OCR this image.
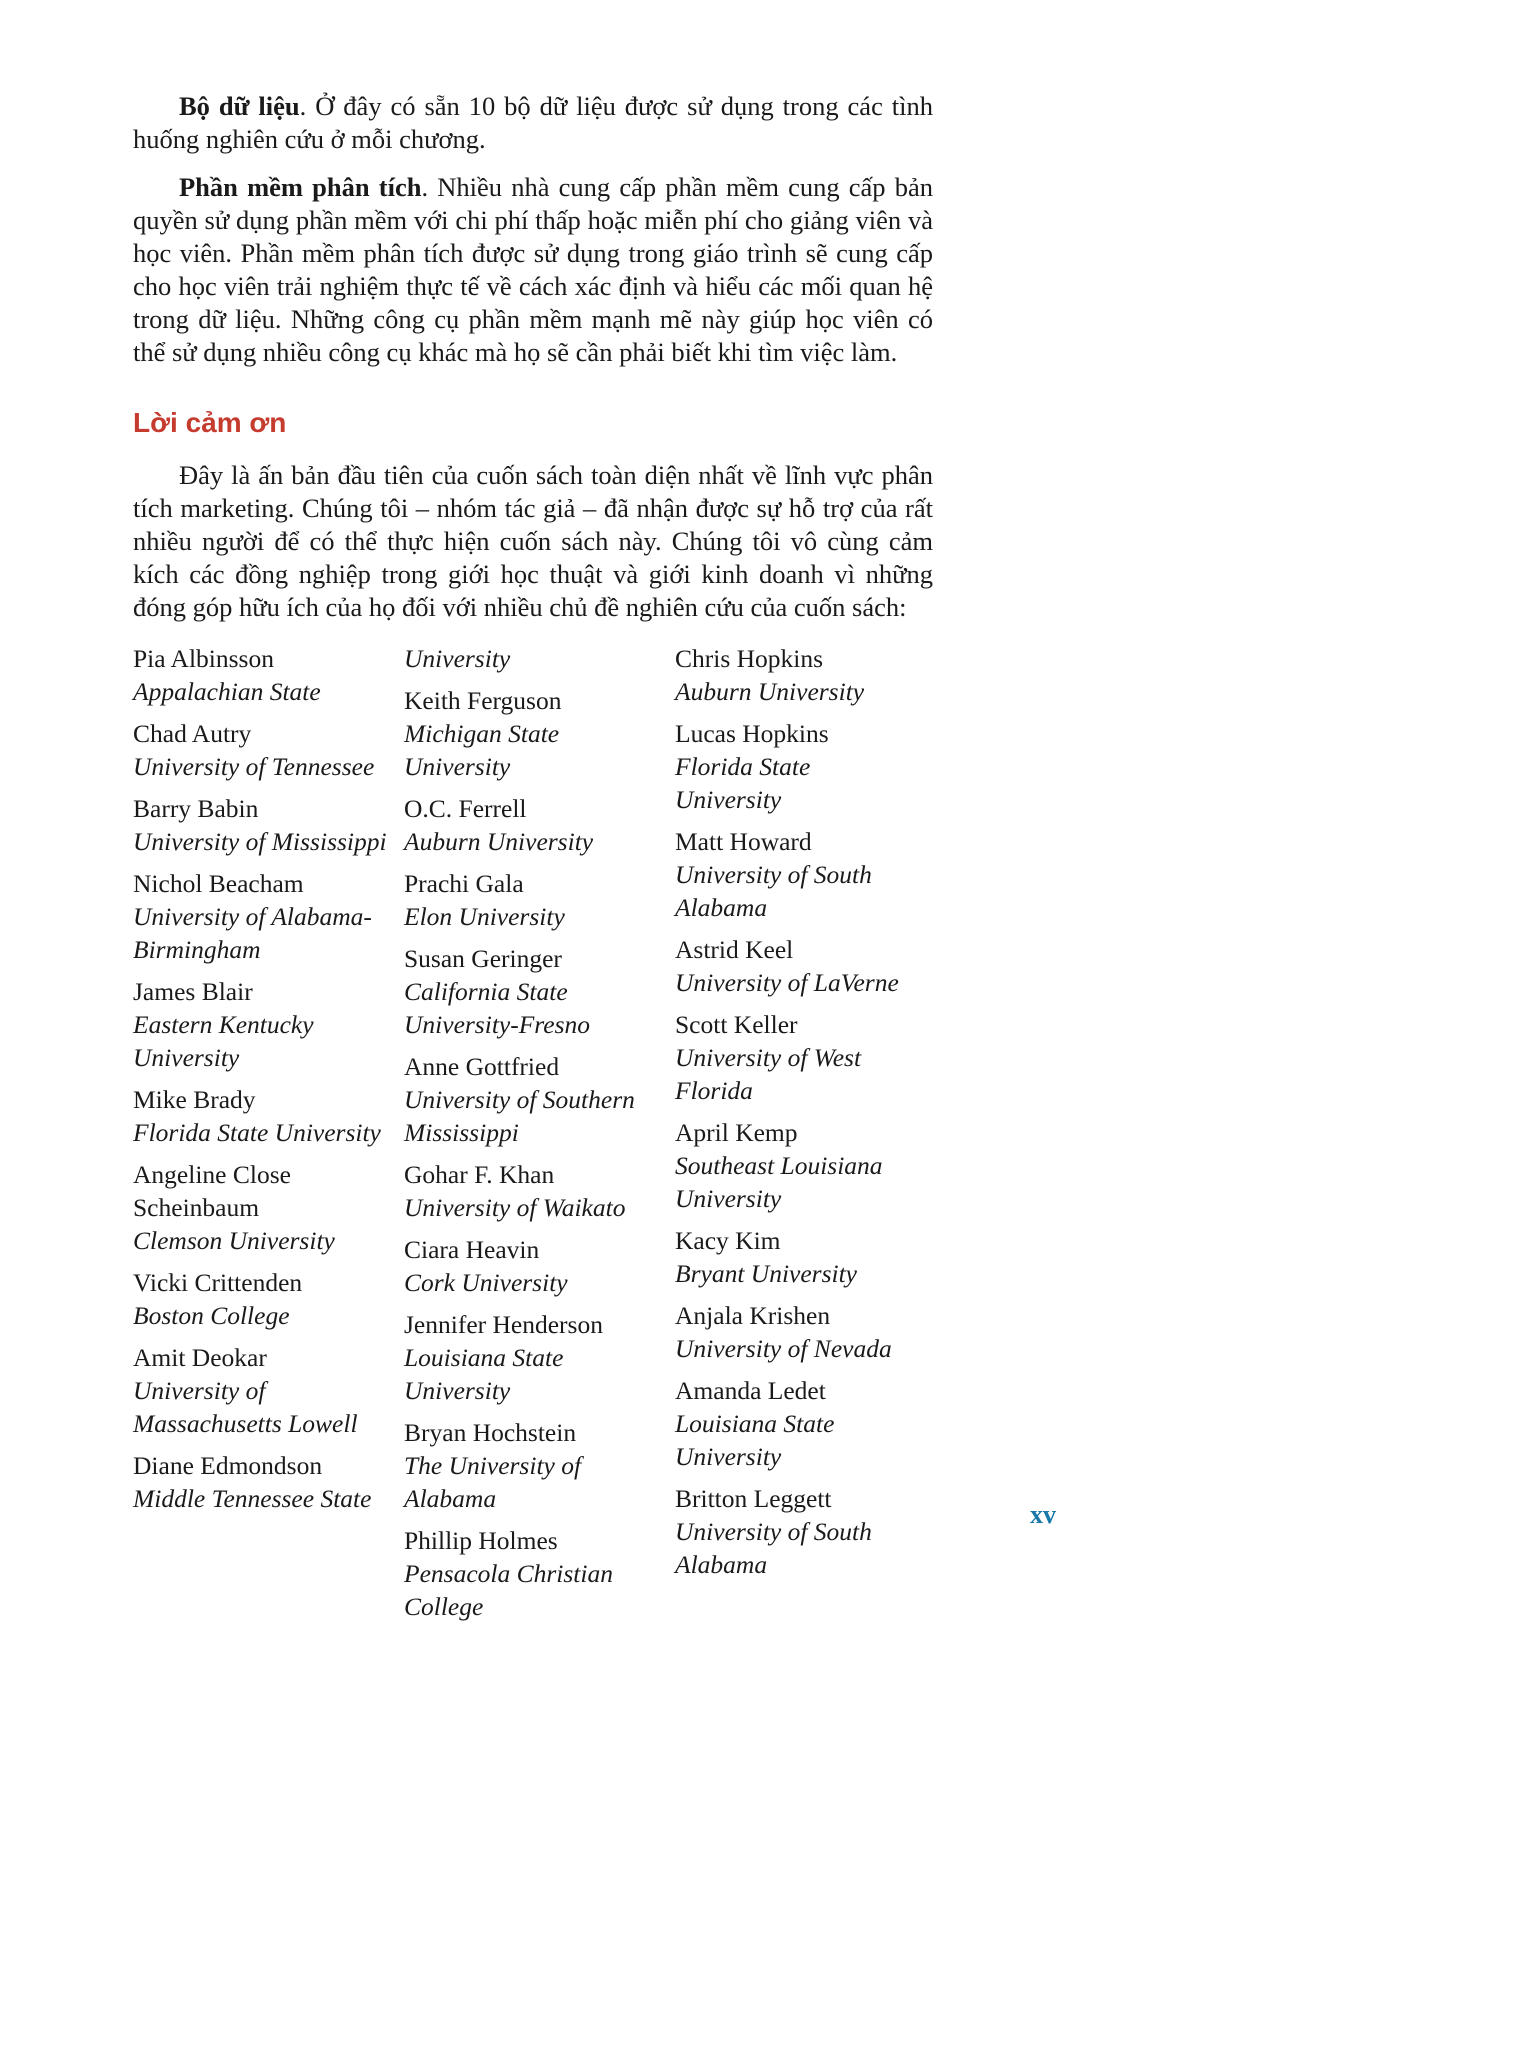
Bộ dữ liệu. Ở đây có sẵn 10 bộ dữ liệu được sử dụng trong các tình huống nghiên cứu ở mỗi chương.

Phần mềm phân tích. Nhiều nhà cung cấp phần mềm cung cấp bản quyền sử dụng phần mềm với chi phí thấp hoặc miễn phí cho giảng viên và học viên. Phần mềm phân tích được sử dụng trong giáo trình sẽ cung cấp cho học viên trải nghiệm thực tế về cách xác định và hiểu các mối quan hệ trong dữ liệu. Những công cụ phần mềm mạnh mẽ này giúp học viên có thể sử dụng nhiều công cụ khác mà họ sẽ cần phải biết khi tìm việc làm.

Lời cảm ơn

Đây là ấn bản đầu tiên của cuốn sách toàn diện nhất về lĩnh vực phân tích marketing. Chúng tôi – nhóm tác giả – đã nhận được sự hỗ trợ của rất nhiều người để có thể thực hiện cuốn sách này. Chúng tôi vô cùng cảm kích các đồng nghiệp trong giới học thuật và giới kinh doanh vì những đóng góp hữu ích của họ đối với nhiều chủ đề nghiên cứu của cuốn sách:

Pia Albinsson
Appalachian State
Chad Autry
University of Tennessee
Barry Babin
University of Mississippi
Nichol Beacham
University of Alabama-Birmingham
James Blair
Eastern Kentucky University
Mike Brady
Florida State University
Angeline Close Scheinbaum
Clemson University
Vicki Crittenden
Boston College
Amit Deokar
University of Massachusetts Lowell
Diane Edmondson
Middle Tennessee State
University
Keith Ferguson
Michigan State University
O.C. Ferrell
Auburn University
Prachi Gala
Elon University
Susan Geringer
California State University-Fresno
Anne Gottfried
University of Southern Mississippi
Gohar F. Khan
University of Waikato
Ciara Heavin
Cork University
Jennifer Henderson
Louisiana State University
Bryan Hochstein
The University of Alabama
Phillip Holmes
Pensacola Christian College
Chris Hopkins
Auburn University
Lucas Hopkins
Florida State University
Matt Howard
University of South Alabama
Astrid Keel
University of LaVerne
Scott Keller
University of West Florida
April Kemp
Southeast Louisiana University
Kacy Kim
Bryant University
Anjala Krishen
University of Nevada
Amanda Ledet
Louisiana State University
Britton Leggett
University of South Alabama
xv
